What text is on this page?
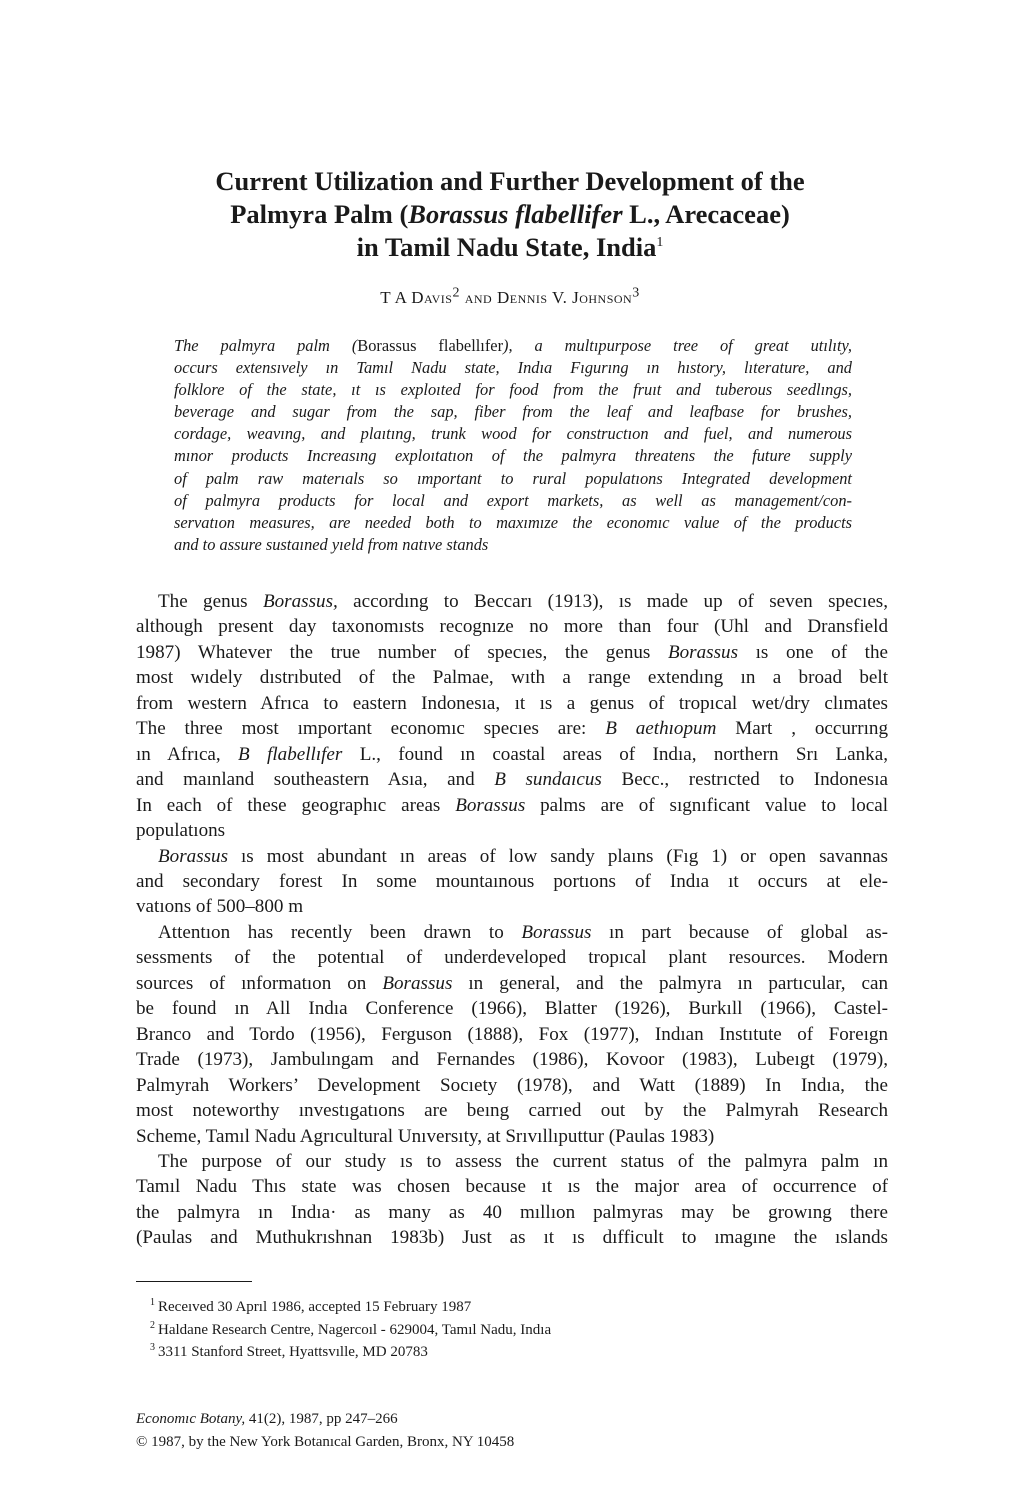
Current Utilization and Further Development of the
Palmyra Palm (Borassus flabellifer L., Arecaceae)
in Tamil Nadu State, India$^1$

T A Davis$^2$ and Dennis V. Johnson$^3$

The palmyra palm (Borassus flabellıfer), a multıpurpose tree of great utılıty,
occurs extensıvely ın Tamıl Nadu state, Indıa Fıgurıng ın hıstory, lıterature, and
folklore of the state, ıt ıs exploıted for food from the fruıt and tuberous seedlıngs,
beverage and sugar from the sap, fiber from the leaf and leafbase for brushes,
cordage, weavıng, and plaıtıng, trunk wood for constructıon and fuel, and numerous
mınor products Increasıng exploıtatıon of the palmyra threatens the future supply
of palm raw materıals so ımportant to rural populatıons Integrated development
of palmyra products for local and export markets, as well as management/con-
servatıon measures, are needed both to maxımıze the economıc value of the products
and to assure sustaıned yıeld from natıve stands
The genus Borassus, accordıng to Beccarı (1913), ıs made up of seven specıes,
although present day taxonomısts recognıze no more than four (Uhl and Dransfield
1987) Whatever the true number of specıes, the genus Borassus ıs one of the
most wıdely dıstrıbuted of the Palmae, wıth a range extendıng ın a broad belt
from western Afrıca to eastern Indonesıa, ıt ıs a genus of tropıcal wet/dry clımates
The three most ımportant economıc specıes are: B aethıopum Mart , occurrıng
ın Afrıca, B flabellıfer L., found ın coastal areas of Indıa, northern Srı Lanka,
and maınland southeastern Asıa, and B sundaıcus Becc., restrıcted to Indonesıa
In each of these geographıc areas Borassus palms are of sıgnıficant value to local
populatıons
Borassus ıs most abundant ın areas of low sandy plaıns (Fıg 1) or open savannas
and secondary forest In some mountaınous portıons of Indıa ıt occurs at ele-
vatıons of 500–800 m
Attentıon has recently been drawn to Borassus ın part because of global as-
sessments of the potentıal of underdeveloped tropıcal plant resources. Modern
sources of ınformatıon on Borassus ın general, and the palmyra ın partıcular, can
be found ın All Indıa Conference (1966), Blatter (1926), Burkıll (1966), Castel-
Branco and Tordo (1956), Ferguson (1888), Fox (1977), Indıan Instıtute of Foreıgn
Trade (1973), Jambulıngam and Fernandes (1986), Kovoor (1983), Lubeıgt (1979),
Palmyrah Workers’ Development Socıety (1978), and Watt (1889) In Indıa, the
most noteworthy ınvestıgatıons are beıng carrıed out by the Palmyrah Research
Scheme, Tamıl Nadu Agrıcultural Unıversıty, at Srıvıllıputtur (Paulas 1983)
The purpose of our study ıs to assess the current status of the palmyra palm ın
Tamıl Nadu Thıs state was chosen because ıt ıs the major area of occurrence of
the palmyra ın Indıa· as many as 40 mıllıon palmyras may be growıng there
(Paulas and Muthukrıshnan 1983b) Just as ıt ıs dıfficult to ımagıne the ıslands
$^1$ Receıved 30 Aprıl 1986, accepted 15 February 1987
$^2$ Haldane Research Centre, Nagercoıl - 629004, Tamıl Nadu, Indıa
$^3$ 3311 Stanford Street, Hyattsvılle, MD 20783
Economıc Botany, 41(2), 1987, pp 247–266
© 1987, by the New York Botanıcal Garden, Bronx, NY 10458
